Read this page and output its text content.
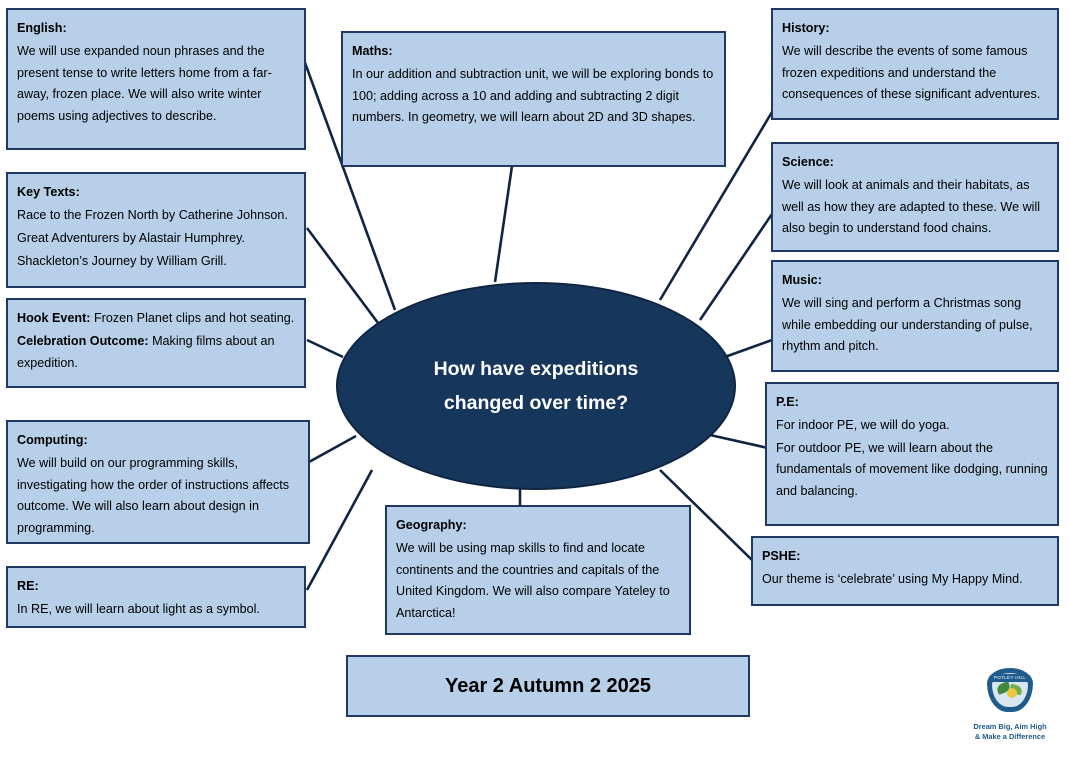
English:

We will use expanded noun phrases and the present tense to write letters home from a far-away, frozen place. We will also write winter poems using adjectives to describe.

Key Texts:

Race to the Frozen North by Catherine Johnson.

Great Adventurers by Alastair Humphrey.

Shackleton’s Journey by William Grill.

Hook Event: Frozen Planet clips and hot seating.

Celebration Outcome: Making films about an expedition.

Computing:

We will build on our programming skills, investigating how the order of instructions affects outcome. We will also learn about design in programming.

RE:

In RE, we will learn about light as a symbol.

Maths:

In our addition and subtraction unit, we will be exploring bonds to 100; adding across a 10 and adding and subtracting 2 digit numbers. In geometry, we will learn about 2D and 3D shapes.

Geography:

We will be using map skills to find and locate continents and the countries and capitals of the United Kingdom. We will also compare Yateley to Antarctica!

History:

We will describe the events of some famous frozen expeditions and understand the consequences of these significant adventures.

Science:

We will look at animals and their habitats, as well as how they are adapted to these. We will also begin to understand food chains.

Music:

We will sing and perform a Christmas song while embedding our understanding of pulse, rhythm and pitch.

P.E:

For indoor PE, we will do yoga.

For outdoor PE, we will learn about the fundamentals of movement like dodging, running and balancing.

PSHE:

Our theme is ‘celebrate’ using My Happy Mind.

How have expeditions
changed over time?
Year 2 Autumn 2 2025	POTLEY HILL
Dream Big, Aim High
& Make a Difference
